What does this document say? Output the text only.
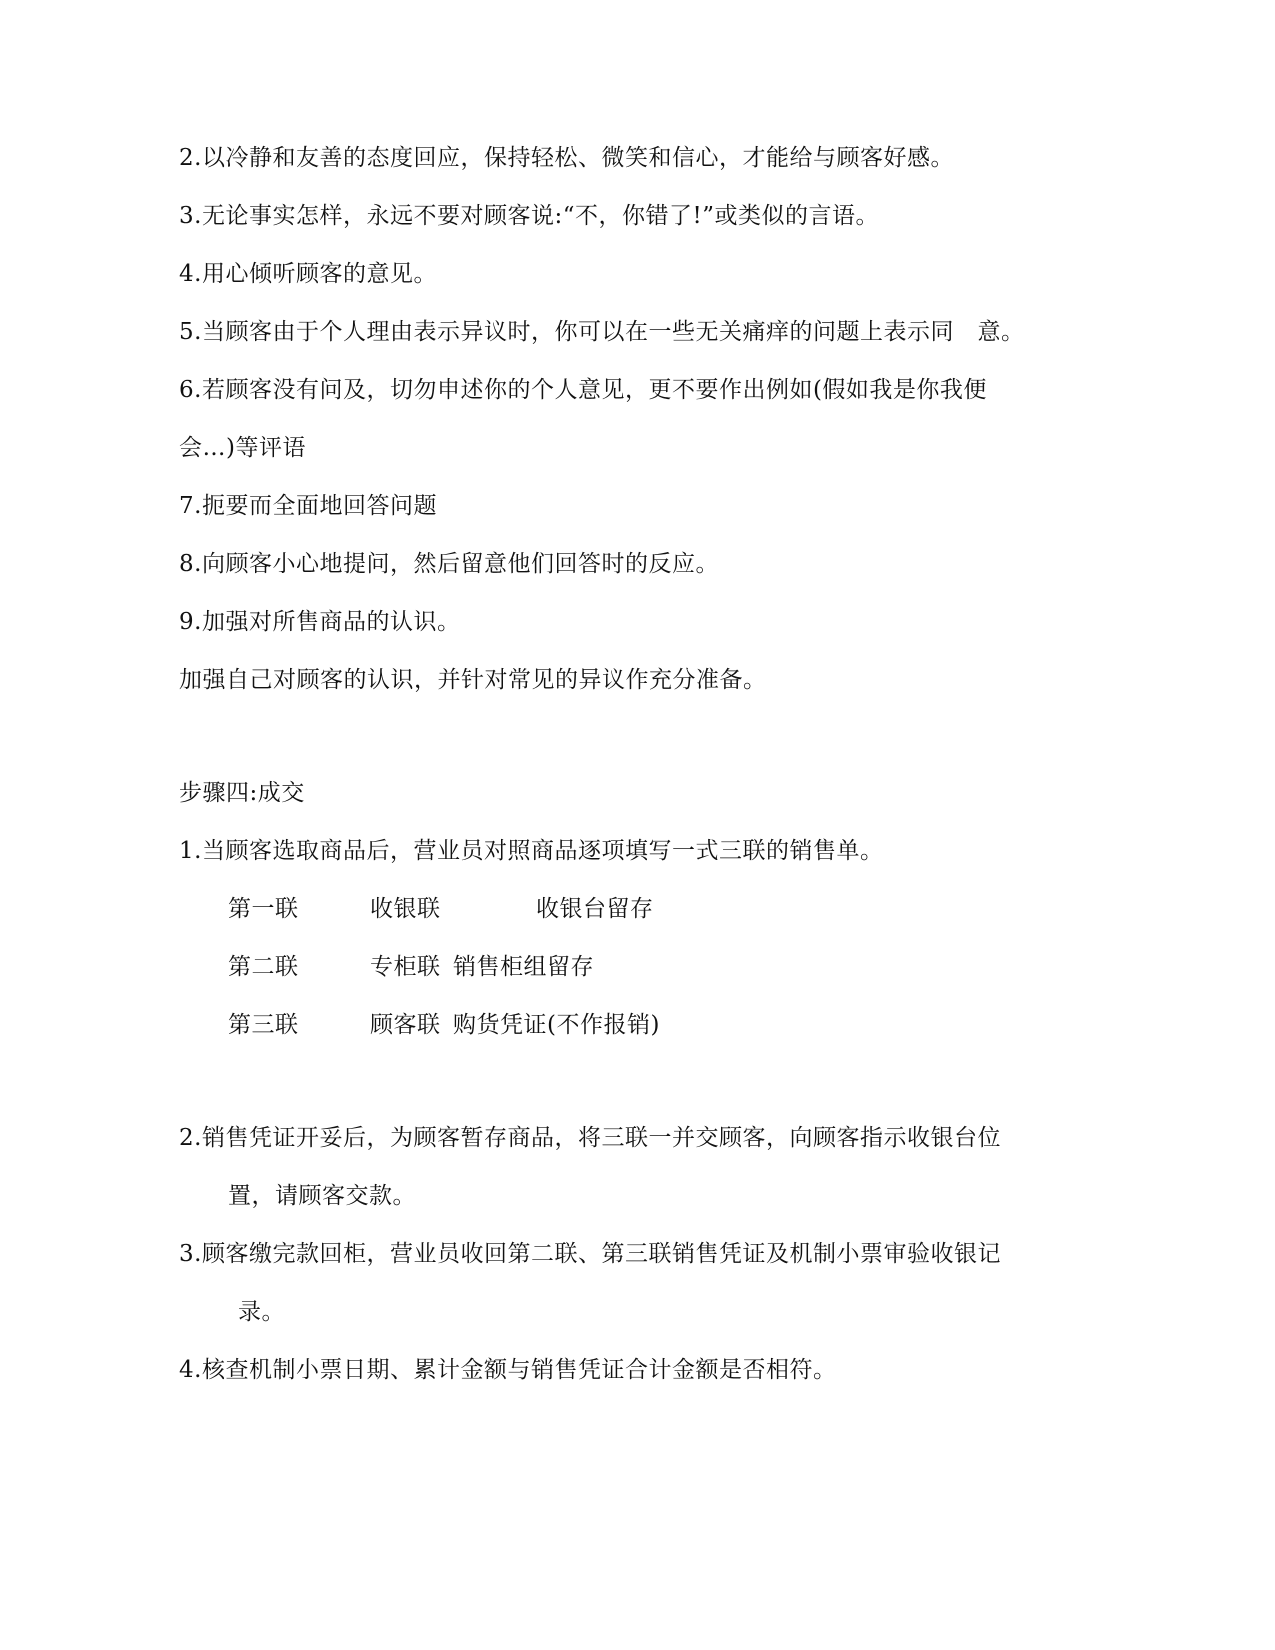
2.以冷静和友善的态度回应，保持轻松、微笑和信心，才能给与顾客好感。
3.无论事实怎样，永远不要对顾客说:“不，你错了!”或类似的言语。
4.用心倾听顾客的意见。
5.当顾客由于个人理由表示异议时，你可以在一些无关痛痒的问题上表示同　意。
6.若顾客没有问及，切勿申述你的个人意见，更不要作出例如(假如我是你我便
会…)等评语
7.扼要而全面地回答问题
8.向顾客小心地提问，然后留意他们回答时的反应。
9.加强对所售商品的认识。
加强自己对顾客的认识，并针对常见的异议作充分准备。
步骤四:成交
1.当顾客选取商品后，营业员对照商品逐项填写一式三联的销售单。
第一联	收银联	收银台留存
第二联	专柜联 销售柜组留存
第三联	顾客联 购货凭证(不作报销)
2.销售凭证开妥后，为顾客暂存商品，将三联一并交顾客，向顾客指示收银台位
置，请顾客交款。
3.顾客缴完款回柜，营业员收回第二联、第三联销售凭证及机制小票审验收银记
录。
4.核查机制小票日期、累计金额与销售凭证合计金额是否相符。
